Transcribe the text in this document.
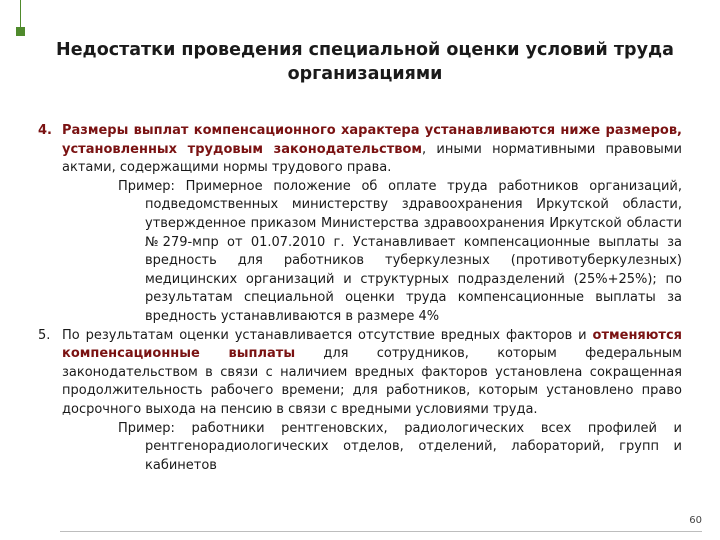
Недостатки проведения специальной оценки условий труда организациями
4. Размеры выплат компенсационного характера устанавливаются ниже размеров, установленных трудовым законодательством, иными нормативными правовыми актами, содержащими нормы трудового права.
Пример: Примерное положение об оплате труда работников организаций, подведомственных министерству здравоохранения Иркутской области, утвержденное приказом Министерства здравоохранения Иркутской области №279-мпр от 01.07.2010 г. Устанавливает компенсационные выплаты за вредность для работников туберкулезных (противотуберкулезных) медицинских организаций и структурных подразделений (25%+25%); по результатам специальной оценки труда компенсационные выплаты за вредность устанавливаются в размере 4%
5. По результатам оценки устанавливается отсутствие вредных факторов и отменяются компенсационные выплаты для сотрудников, которым федеральным законодательством в связи с наличием вредных факторов установлена сокращенная продолжительность рабочего времени; для работников, которым установлено право досрочного выхода на пенсию в связи с вредными условиями труда.
Пример: работники рентгеновских, радиологических всех профилей и рентгенорадиологических отделов, отделений, лабораторий, групп и кабинетов
60
